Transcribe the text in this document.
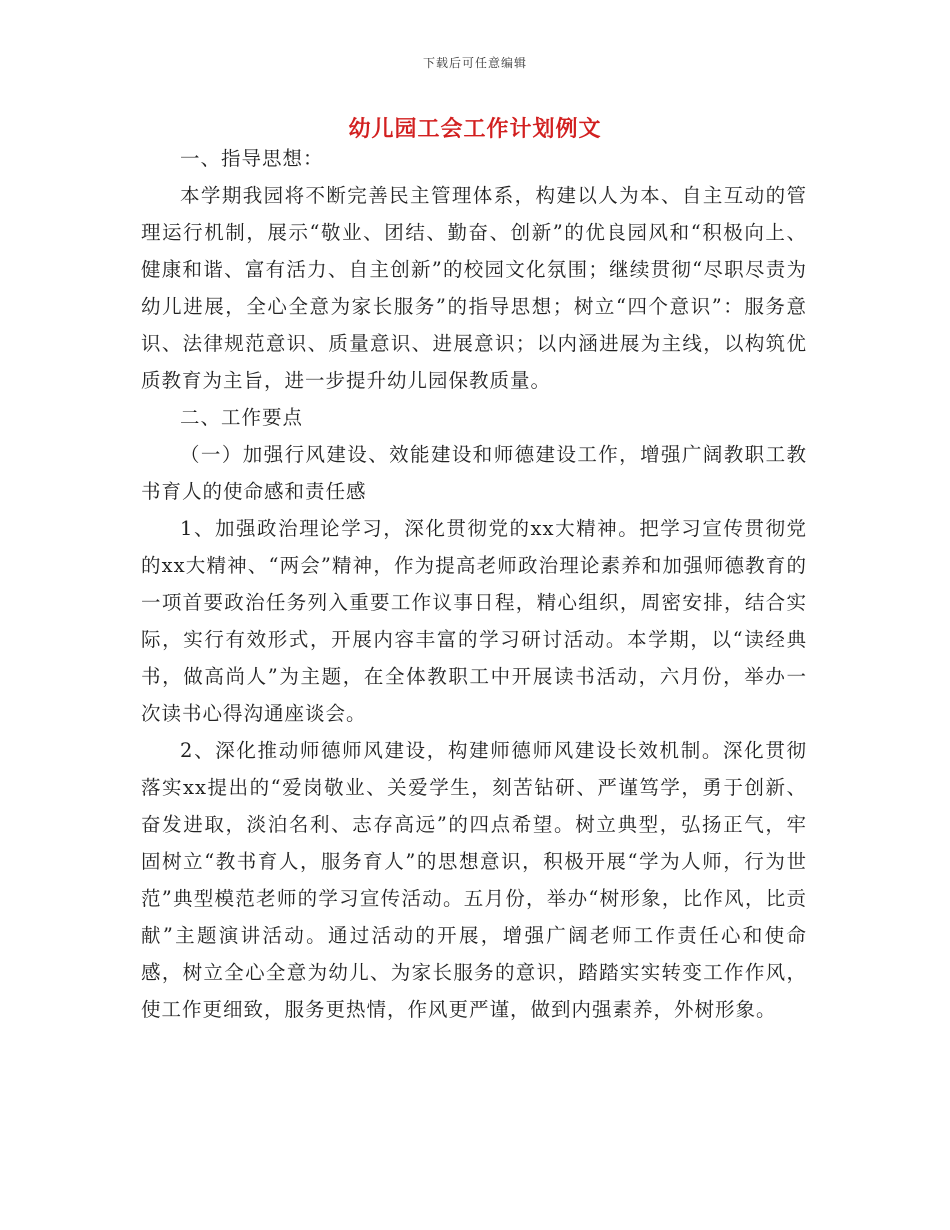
下载后可任意编辑
幼儿园工会工作计划例文

一、指导思想：

本学期我园将不断完善民主管理体系，构建以人为本、自主互动的管理运行机制，展示“敬业、团结、勤奋、创新”的优良园风和“积极向上、健康和谐、富有活力、自主创新”的校园文化氛围；继续贯彻“尽职尽责为幼儿进展，全心全意为家长服务”的指导思想；树立“四个意识”：服务意识、法律规范意识、质量意识、进展意识；以内涵进展为主线，以构筑优质教育为主旨，进一步提升幼儿园保教质量。

二、工作要点

（一）加强行风建设、效能建设和师德建设工作，增强广阔教职工教书育人的使命感和责任感

1、加强政治理论学习，深化贯彻党的xx大精神。把学习宣传贯彻党的xx大精神、“两会”精神，作为提高老师政治理论素养和加强师德教育的一项首要政治任务列入重要工作议事日程，精心组织，周密安排，结合实际，实行有效形式，开展内容丰富的学习研讨活动。本学期，以“读经典书，做高尚人”为主题，在全体教职工中开展读书活动，六月份，举办一次读书心得沟通座谈会。

2、深化推动师德师风建设，构建师德师风建设长效机制。深化贯彻落实xx提出的“爱岗敬业、关爱学生，刻苦钻研、严谨笃学，勇于创新、奋发进取，淡泊名利、志存高远”的四点希望。树立典型，弘扬正气，牢固树立“教书育人，服务育人”的思想意识，积极开展“学为人师，行为世范”典型模范老师的学习宣传活动。五月份，举办“树形象，比作风，比贡献”主题演讲活动。通过活动的开展，增强广阔老师工作责任心和使命感，树立全心全意为幼儿、为家长服务的意识，踏踏实实转变工作作风，使工作更细致，服务更热情，作风更严谨，做到内强素养，外树形象。
